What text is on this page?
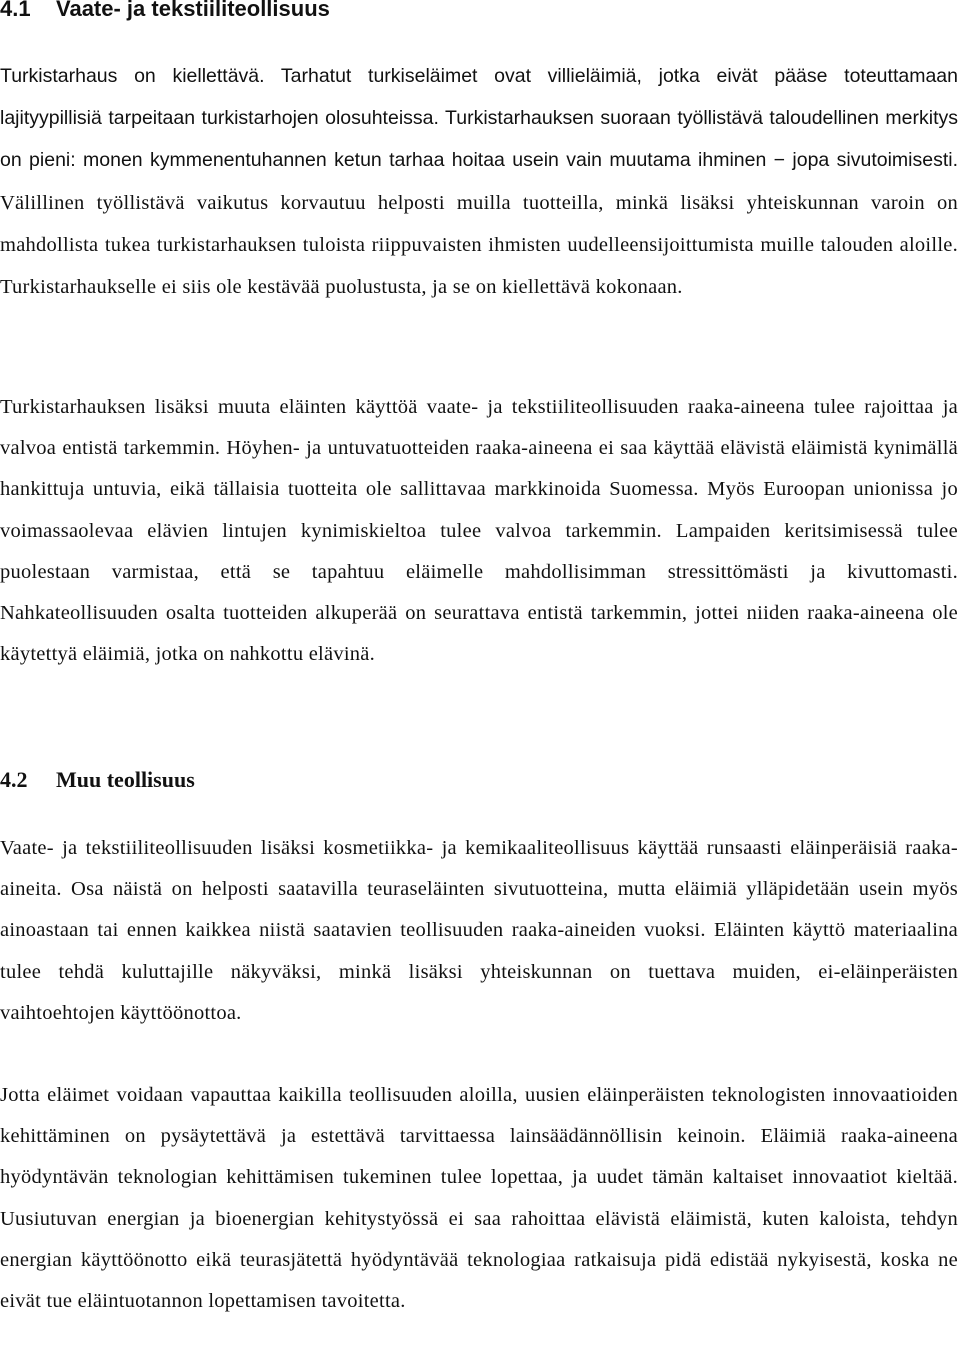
4.1 Vaate- ja tekstiiliteollisuus

Turkistarhaus on kiellettävä. Tarhatut turkiseläimet ovat villieläimiä, jotka eivät pääse toteuttamaan lajityypillisiä tarpeitaan turkistarhojen olosuhteissa. Turkistarhauksen suoraan työllistävä taloudellinen merkitys on pieni: monen kymmenentuhannen ketun tarhaa hoitaa usein vain muutama ihminen − jopa sivutoimisesti. Välillinen työllistävä vaikutus korvautuu helposti muilla tuotteilla, minkä lisäksi yhteiskunnan varoin on mahdollista tukea turkistarhauksen tuloista riippuvaisten ihmisten uudelleensijoittumista muille talouden aloille. Turkistarhaukselle ei siis ole kestävää puolustusta, ja se on kiellettävä kokonaan.

Turkistarhauksen lisäksi muuta eläinten käyttöä vaate- ja tekstiiliteollisuuden raaka-aineena tulee rajoittaa ja valvoa entistä tarkemmin. Höyhen- ja untuvatuotteiden raaka-aineena ei saa käyttää elävistä eläimistä kynimällä hankittuja untuvia, eikä tällaisia tuotteita ole sallittavaa markkinoida Suomessa. Myös Euroopan unionissa jo voimassaolevaa elävien lintujen kynimiskieltoa tulee valvoa tarkemmin. Lampaiden keritsimisessä tulee puolestaan varmistaa, että se tapahtuu eläimelle mahdollisimman stressittömästi ja kivuttomasti. Nahkateollisuuden osalta tuotteiden alkuperää on seurattava entistä tarkemmin, jottei niiden raaka-aineena ole käytettyä eläimiä, jotka on nahkottu elävinä.

4.2 Muu teollisuus

Vaate- ja tekstiiliteollisuuden lisäksi kosmetiikka- ja kemikaaliteollisuus käyttää runsaasti eläinperäisiä raaka-aineita. Osa näistä on helposti saatavilla teuraseläinten sivutuotteina, mutta eläimiä ylläpidetään usein myös ainoastaan tai ennen kaikkea niistä saatavien teollisuuden raaka-aineiden vuoksi. Eläinten käyttö materiaalina tulee tehdä kuluttajille näkyväksi, minkä lisäksi yhteiskunnan on tuettava muiden, ei-eläinperäisten vaihtoehtojen käyttöönottoa.

Jotta eläimet voidaan vapauttaa kaikilla teollisuuden aloilla, uusien eläinperäisten teknologisten innovaatioiden kehittäminen on pysäytettävä ja estettävä tarvittaessa lainsäädännöllisin keinoin. Eläimiä raaka-aineena hyödyntävän teknologian kehittämisen tukeminen tulee lopettaa, ja uudet tämän kaltaiset innovaatiot kieltää. Uusiutuvan energian ja bioenergian kehitystyössä ei saa rahoittaa elävistä eläimistä, kuten kaloista, tehdyn energian käyttöönotto eikä teurasjätettä hyödyntävää teknologiaa ratkaisuja pidä edistää nykyisestä, koska ne eivät tue eläintuotannon lopettamisen tavoitetta.
